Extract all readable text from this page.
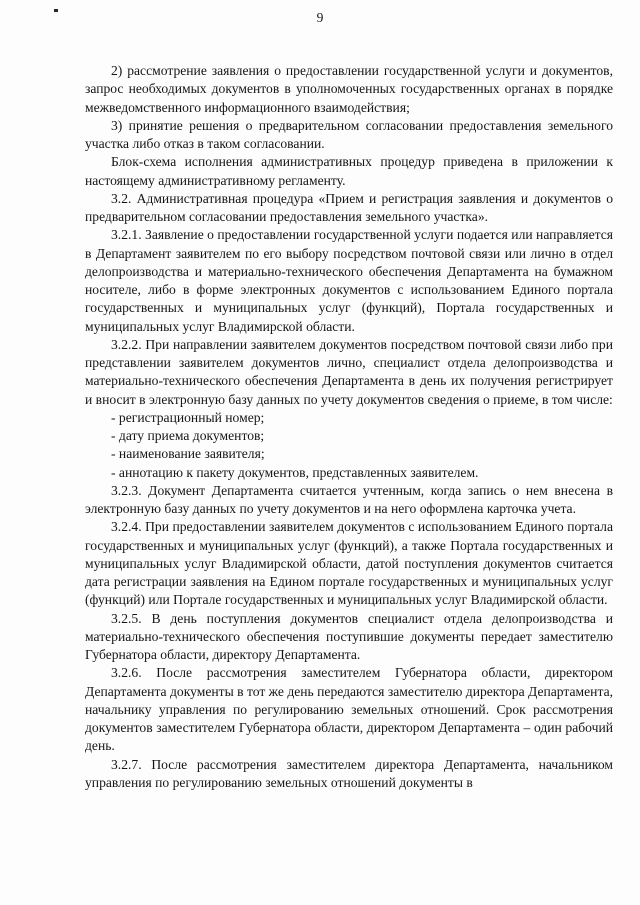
9

2) рассмотрение заявления о предоставлении государственной услуги и документов, запрос необходимых документов в уполномоченных государственных органах в порядке межведомственного информационного взаимодействия;

3) принятие решения о предварительном согласовании предоставления земельного участка либо отказ в таком согласовании.

Блок-схема исполнения административных процедур приведена в приложении к настоящему административному регламенту.

3.2. Административная процедура «Прием и регистрация заявления и документов о предварительном согласовании предоставления земельного участка».

3.2.1. Заявление о предоставлении государственной услуги подается или направляется в Департамент заявителем по его выбору посредством почтовой связи или лично в отдел делопроизводства и материально-технического обеспечения Департамента на бумажном носителе, либо в форме электронных документов с использованием Единого портала государственных и муниципальных услуг (функций), Портала государственных и муниципальных услуг Владимирской области.

3.2.2. При направлении заявителем документов посредством почтовой связи либо при представлении заявителем документов лично, специалист отдела делопроизводства и материально-технического обеспечения Департамента в день их получения регистрирует и вносит в электронную базу данных по учету документов сведения о приеме, в том числе:

- регистрационный номер;

- дату приема документов;

- наименование заявителя;

- аннотацию к пакету документов, представленных заявителем.

3.2.3. Документ Департамента считается учтенным, когда запись о нем внесена в электронную базу данных по учету документов и на него оформлена карточка учета.

3.2.4. При предоставлении заявителем документов с использованием Единого портала государственных и муниципальных услуг (функций), а также Портала государственных и муниципальных услуг Владимирской области, датой поступления документов считается дата регистрации заявления на Едином портале государственных и муниципальных услуг (функций) или Портале государственных и муниципальных услуг Владимирской области.

3.2.5. В день поступления документов специалист отдела делопроизводства и материально-технического обеспечения поступившие документы передает заместителю Губернатора области, директору Департамента.

3.2.6. После рассмотрения заместителем Губернатора области, директором Департамента документы в тот же день передаются заместителю директора Департамента, начальнику управления по регулированию земельных отношений. Срок рассмотрения документов заместителем Губернатора области, директором Департамента – один рабочий день.

3.2.7. После рассмотрения заместителем директора Департамента, начальником управления по регулированию земельных отношений документы в
